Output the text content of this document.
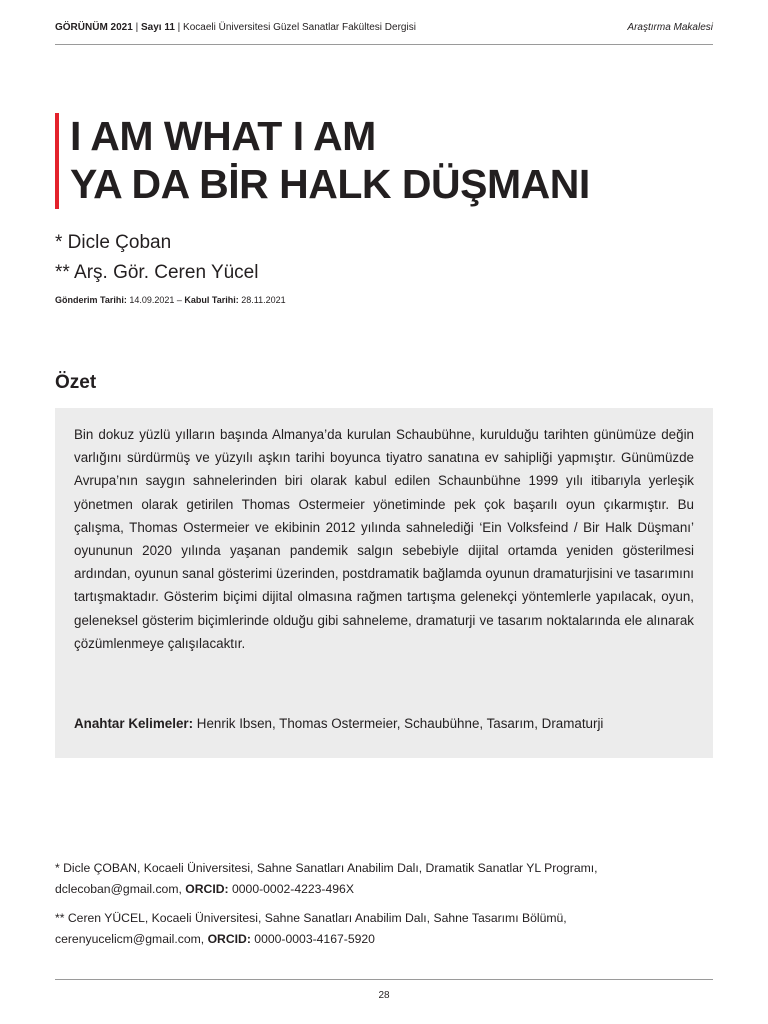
GÖRÜNÜM 2021 | Sayı 11 | Kocaeli Üniversitesi Güzel Sanatlar Fakültesi Dergisi	Araştırma Makalesi
I AM WHAT I AM
YA DA BİR HALK DÜŞMANI
* Dicle Çoban
** Arş. Gör. Ceren Yücel
Gönderim Tarihi: 14.09.2021 – Kabul Tarihi: 28.11.2021
Özet
Bin dokuz yüzlü yılların başında Almanya’da kurulan Schaubühne, kurulduğu tarihten günümüze değin varlığını sürdürmüş ve yüzyılı aşkın tarihi boyunca tiyatro sanatına ev sahipliği yapmıştır. Günümüzde Avrupa’nın saygın sahnelerinden biri olarak kabul edilen Schaunbühne 1999 yılı itibarıyla yerleşik yönetmen olarak getirilen Thomas Ostermeier yönetiminde pek çok başarılı oyun çıkarmıştır. Bu çalışma, Thomas Ostermeier ve ekibinin 2012 yılında sahnelediği ‘Ein Volksfeind / Bir Halk Düşmanı’ oyununun 2020 yılında yaşanan pandemik salgın sebebiyle dijital ortamda yeniden gösterilmesi ardından, oyunun sanal gösterimi üzerinden, postdramatik bağlamda oyunun dramaturjisini ve tasarımını tartışmaktadır. Gösterim biçimi dijital olmasına rağmen tartışma gelenekçi yöntemlerle yapılacak, oyun, geleneksel gösterim biçimlerinde olduğu gibi sahneleme, dramaturji ve tasarım noktalarında ele alınarak çözümlenmeye çalışılacaktır.
Anahtar Kelimeler: Henrik Ibsen, Thomas Ostermeier, Schaubühne, Tasarım, Dramaturji
* Dicle ÇOBAN, Kocaeli Üniversitesi, Sahne Sanatları Anabilim Dalı, Dramatik Sanatlar YL Programı,
dclecoban@gmail.com, ORCID: 0000-0002-4223-496X
** Ceren YÜCEL, Kocaeli Üniversitesi, Sahne Sanatları Anabilim Dalı, Sahne Tasarımı Bölümü,
cerenyucelicm@gmail.com, ORCID: 0000-0003-4167-5920
28
